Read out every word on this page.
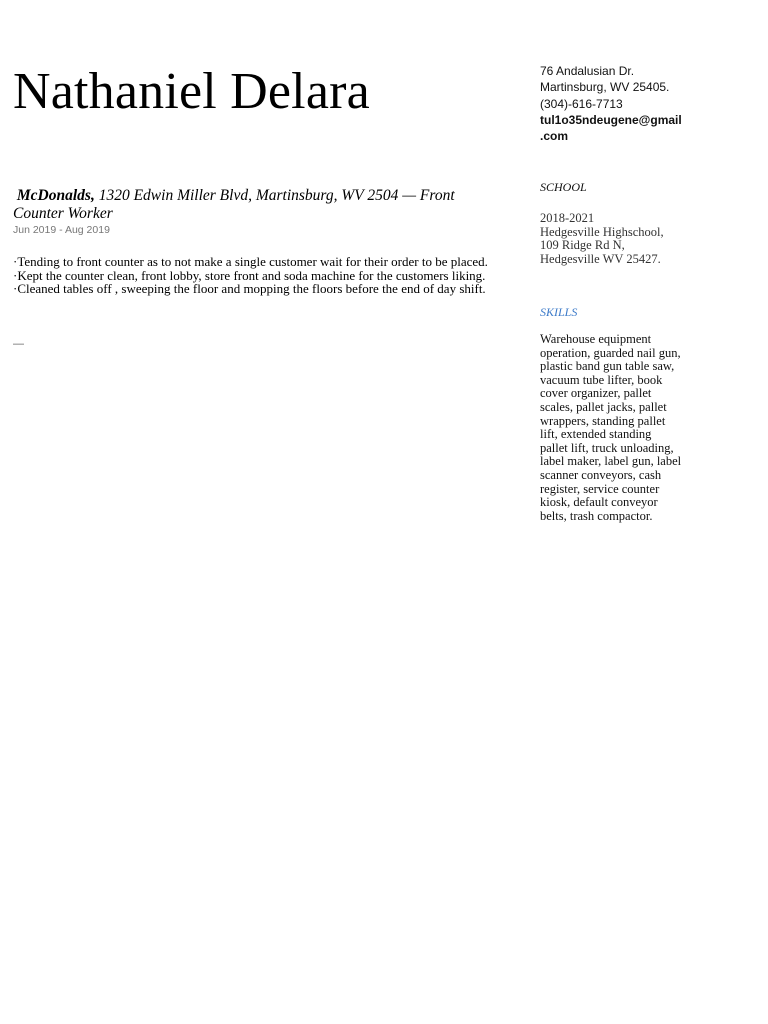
Nathaniel Delara	76 Andalusian Dr.
Martinsburg, WV 25405.
(304)-616-7713
tul1o35ndeugene@gmail
.com

McDonalds, 1320 Edwin Miller Blvd, Martinsburg, WV 2504 — Front Counter Worker

Jun 2019 - Aug 2019
·Tending to front counter as to not make a single customer wait for their order to be placed.
·Kept the counter clean, front lobby, store front and soda machine for the customers liking.
·Cleaned tables off , sweeping the floor and mopping the floors before the end of day shift.
—
SCHOOL
2018-2021
Hedgesville Highschool,
109 Ridge Rd N,
Hedgesville WV 25427.
SKILLS
Warehouse equipment operation, guarded nail gun, plastic band gun table saw, vacuum tube lifter, book cover organizer, pallet scales, pallet jacks, pallet wrappers, standing pallet lift, extended standing pallet lift, truck unloading, label maker, label gun, label scanner conveyors, cash register, service counter kiosk, default conveyor belts, trash compactor.
